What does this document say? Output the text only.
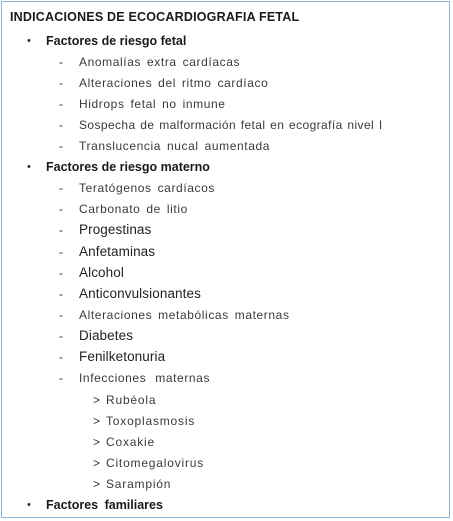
INDICACIONES DE ECOCARDIOGRAFIA FETAL
• Factores de riesgo fetal
- Anomalías extra cardíacas
- Alteraciones del ritmo cardíaco
- Hidrops fetal no inmune
- Sospecha de malformación fetal en ecografía nivel I
- Translucencia nucal aumentada
• Factores de riesgo materno
- Teratógenos cardíacos
- Carbonato de litio
- Progestinas
- Anfetaminas
- Alcohol
- Anticonvulsionantes
- Alteraciones metabólicas maternas
- Diabetes
- Fenilketonuria
- Infecciones maternas
> Rubéola
> Toxoplasmosis
> Coxakie
> Citomegalovirus
> Sarampión
• Factores familiares
